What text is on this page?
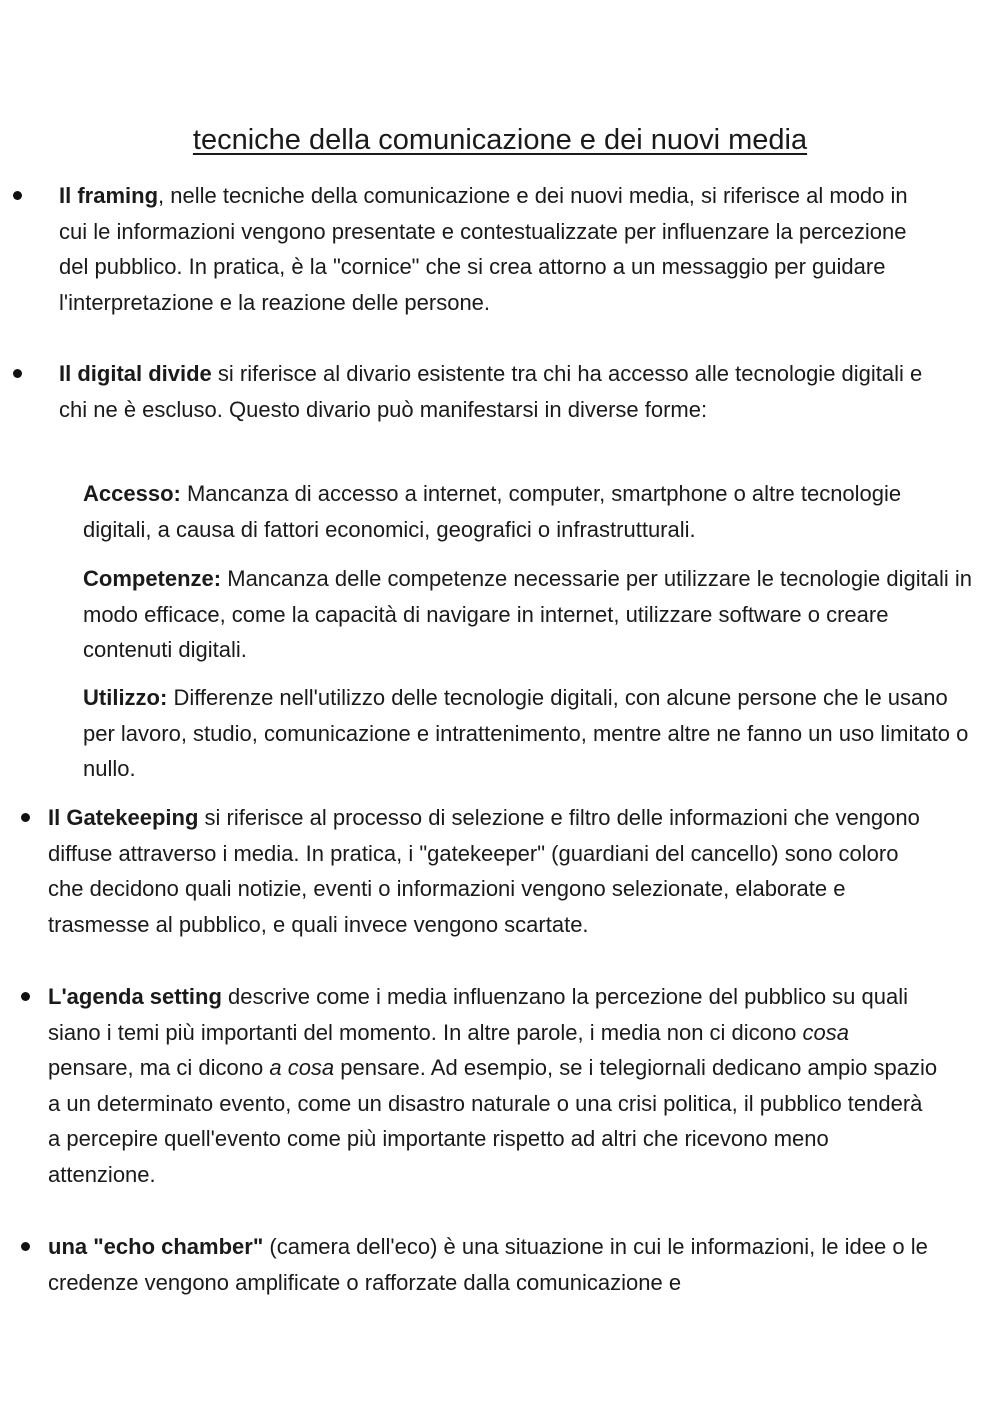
tecniche della comunicazione e dei nuovi media

Il framing, nelle tecniche della comunicazione e dei nuovi media, si riferisce al modo in cui le informazioni vengono presentate e contestualizzate per influenzare la percezione del pubblico. In pratica, è la "cornice" che si crea attorno a un messaggio per guidare l'interpretazione e la reazione delle persone.

Il digital divide si riferisce al divario esistente tra chi ha accesso alle tecnologie digitali e chi ne è escluso. Questo divario può manifestarsi in diverse forme:

Accesso: Mancanza di accesso a internet, computer, smartphone o altre tecnologie digitali, a causa di fattori economici, geografici o infrastrutturali.

Competenze: Mancanza delle competenze necessarie per utilizzare le tecnologie digitali in modo efficace, come la capacità di navigare in internet, utilizzare software o creare contenuti digitali.

Utilizzo: Differenze nell'utilizzo delle tecnologie digitali, con alcune persone che le usano per lavoro, studio, comunicazione e intrattenimento, mentre altre ne fanno un uso limitato o nullo.

Il Gatekeeping si riferisce al processo di selezione e filtro delle informazioni che vengono diffuse attraverso i media. In pratica, i "gatekeeper" (guardiani del cancello) sono coloro che decidono quali notizie, eventi o informazioni vengono selezionate, elaborate e trasmesse al pubblico, e quali invece vengono scartate.

L'agenda setting descrive come i media influenzano la percezione del pubblico su quali siano i temi più importanti del momento. In altre parole, i media non ci dicono cosa pensare, ma ci dicono a cosa pensare. Ad esempio, se i telegiornali dedicano ampio spazio a un determinato evento, come un disastro naturale o una crisi politica, il pubblico tenderà a percepire quell'evento come più importante rispetto ad altri che ricevono meno attenzione.

una "echo chamber" (camera dell'eco) è una situazione in cui le informazioni, le idee o le credenze vengono amplificate o rafforzate dalla comunicazione e
